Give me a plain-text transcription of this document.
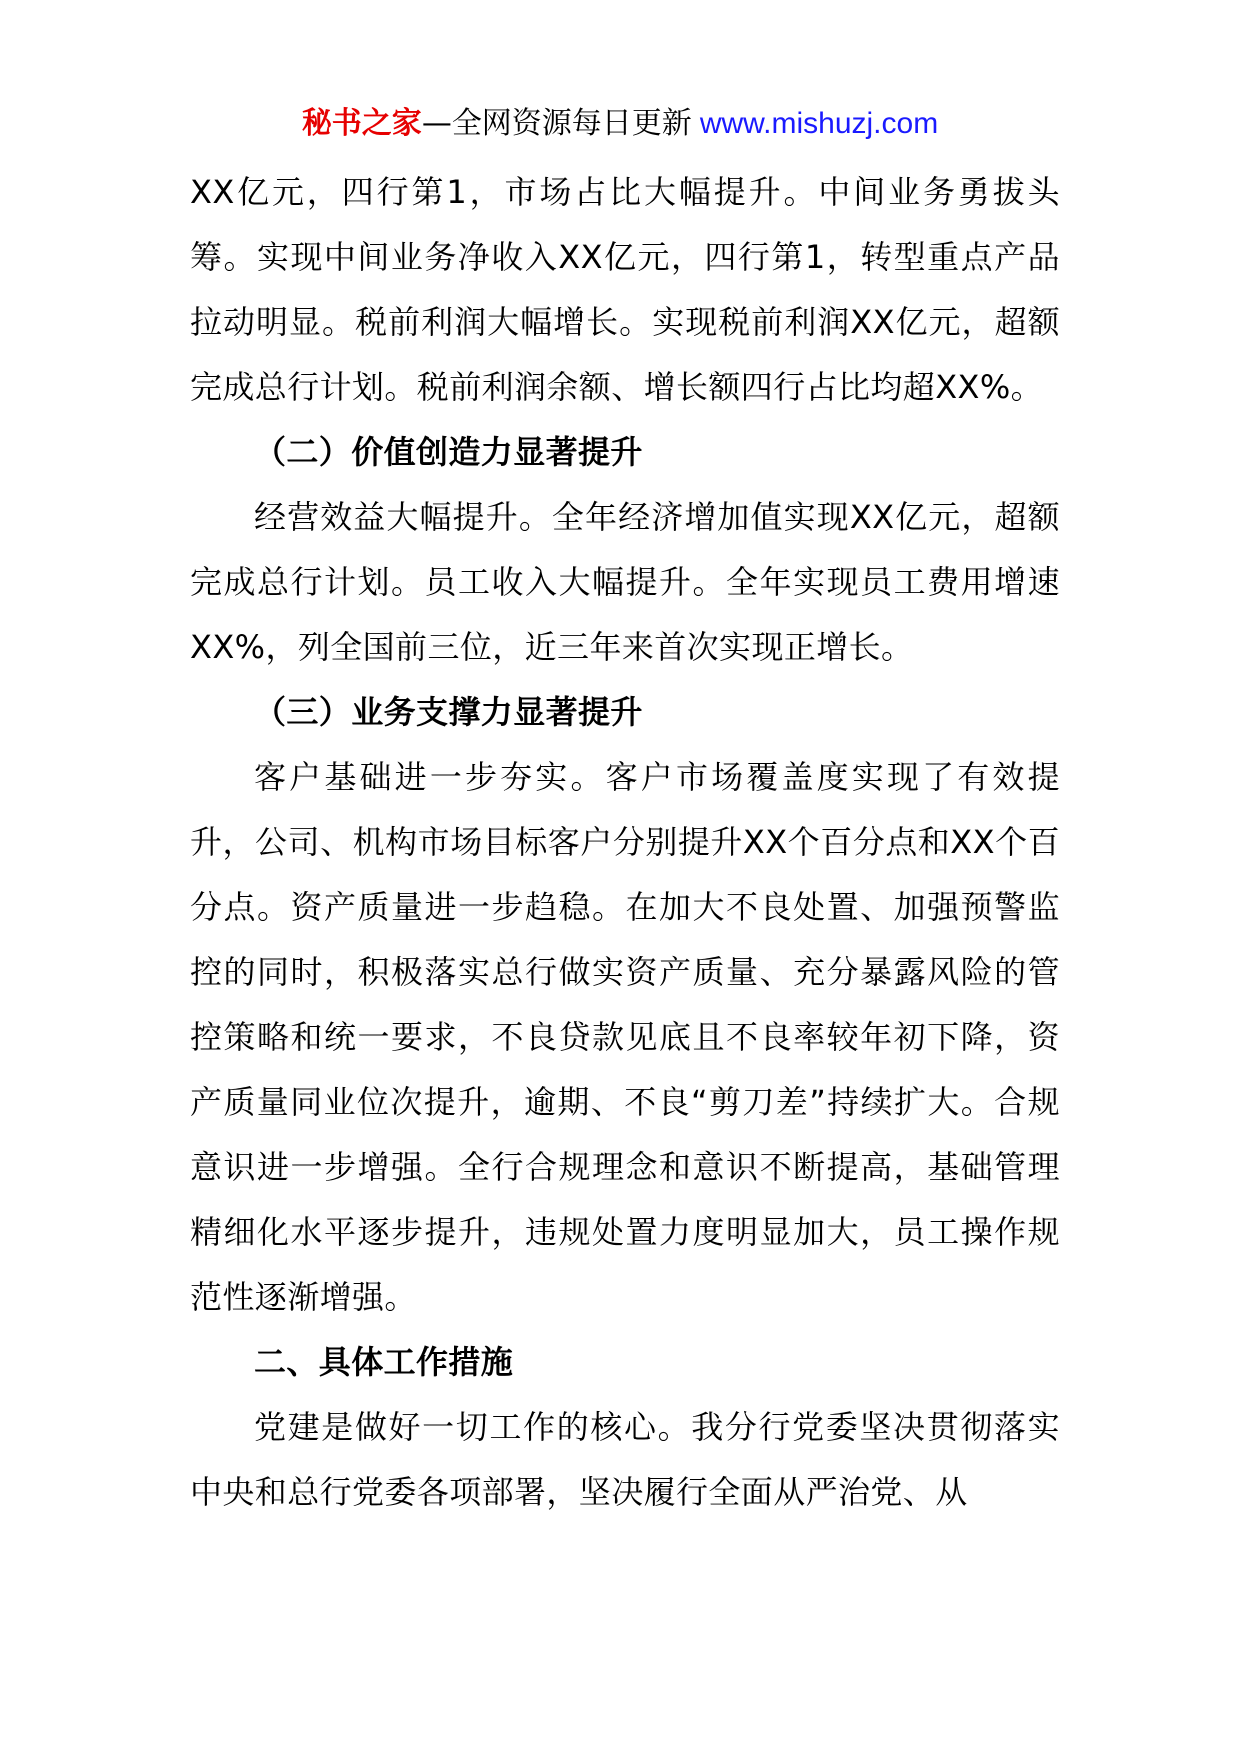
秘书之家—全网资源每日更新 www.mishuzj.com

XX亿元，四行第1，市场占比大幅提升。中间业务勇拔头筹。实现中间业务净收入XX亿元，四行第1，转型重点产品拉动明显。税前利润大幅增长。实现税前利润XX亿元，超额完成总行计划。税前利润余额、增长额四行占比均超XX%。

（二）价值创造力显著提升

经营效益大幅提升。全年经济增加值实现XX亿元，超额完成总行计划。员工收入大幅提升。全年实现员工费用增速XX%，列全国前三位，近三年来首次实现正增长。

（三）业务支撑力显著提升

客户基础进一步夯实。客户市场覆盖度实现了有效提升，公司、机构市场目标客户分别提升XX个百分点和XX个百分点。资产质量进一步趋稳。在加大不良处置、加强预警监控的同时，积极落实总行做实资产质量、充分暴露风险的管控策略和统一要求，不良贷款见底且不良率较年初下降，资产质量同业位次提升，逾期、不良“剪刀差”持续扩大。合规意识进一步增强。全行合规理念和意识不断提高，基础管理精细化水平逐步提升，违规处置力度明显加大，员工操作规范性逐渐增强。

二、具体工作措施

党建是做好一切工作的核心。我分行党委坚决贯彻落实中央和总行党委各项部署，坚决履行全面从严治党、从
